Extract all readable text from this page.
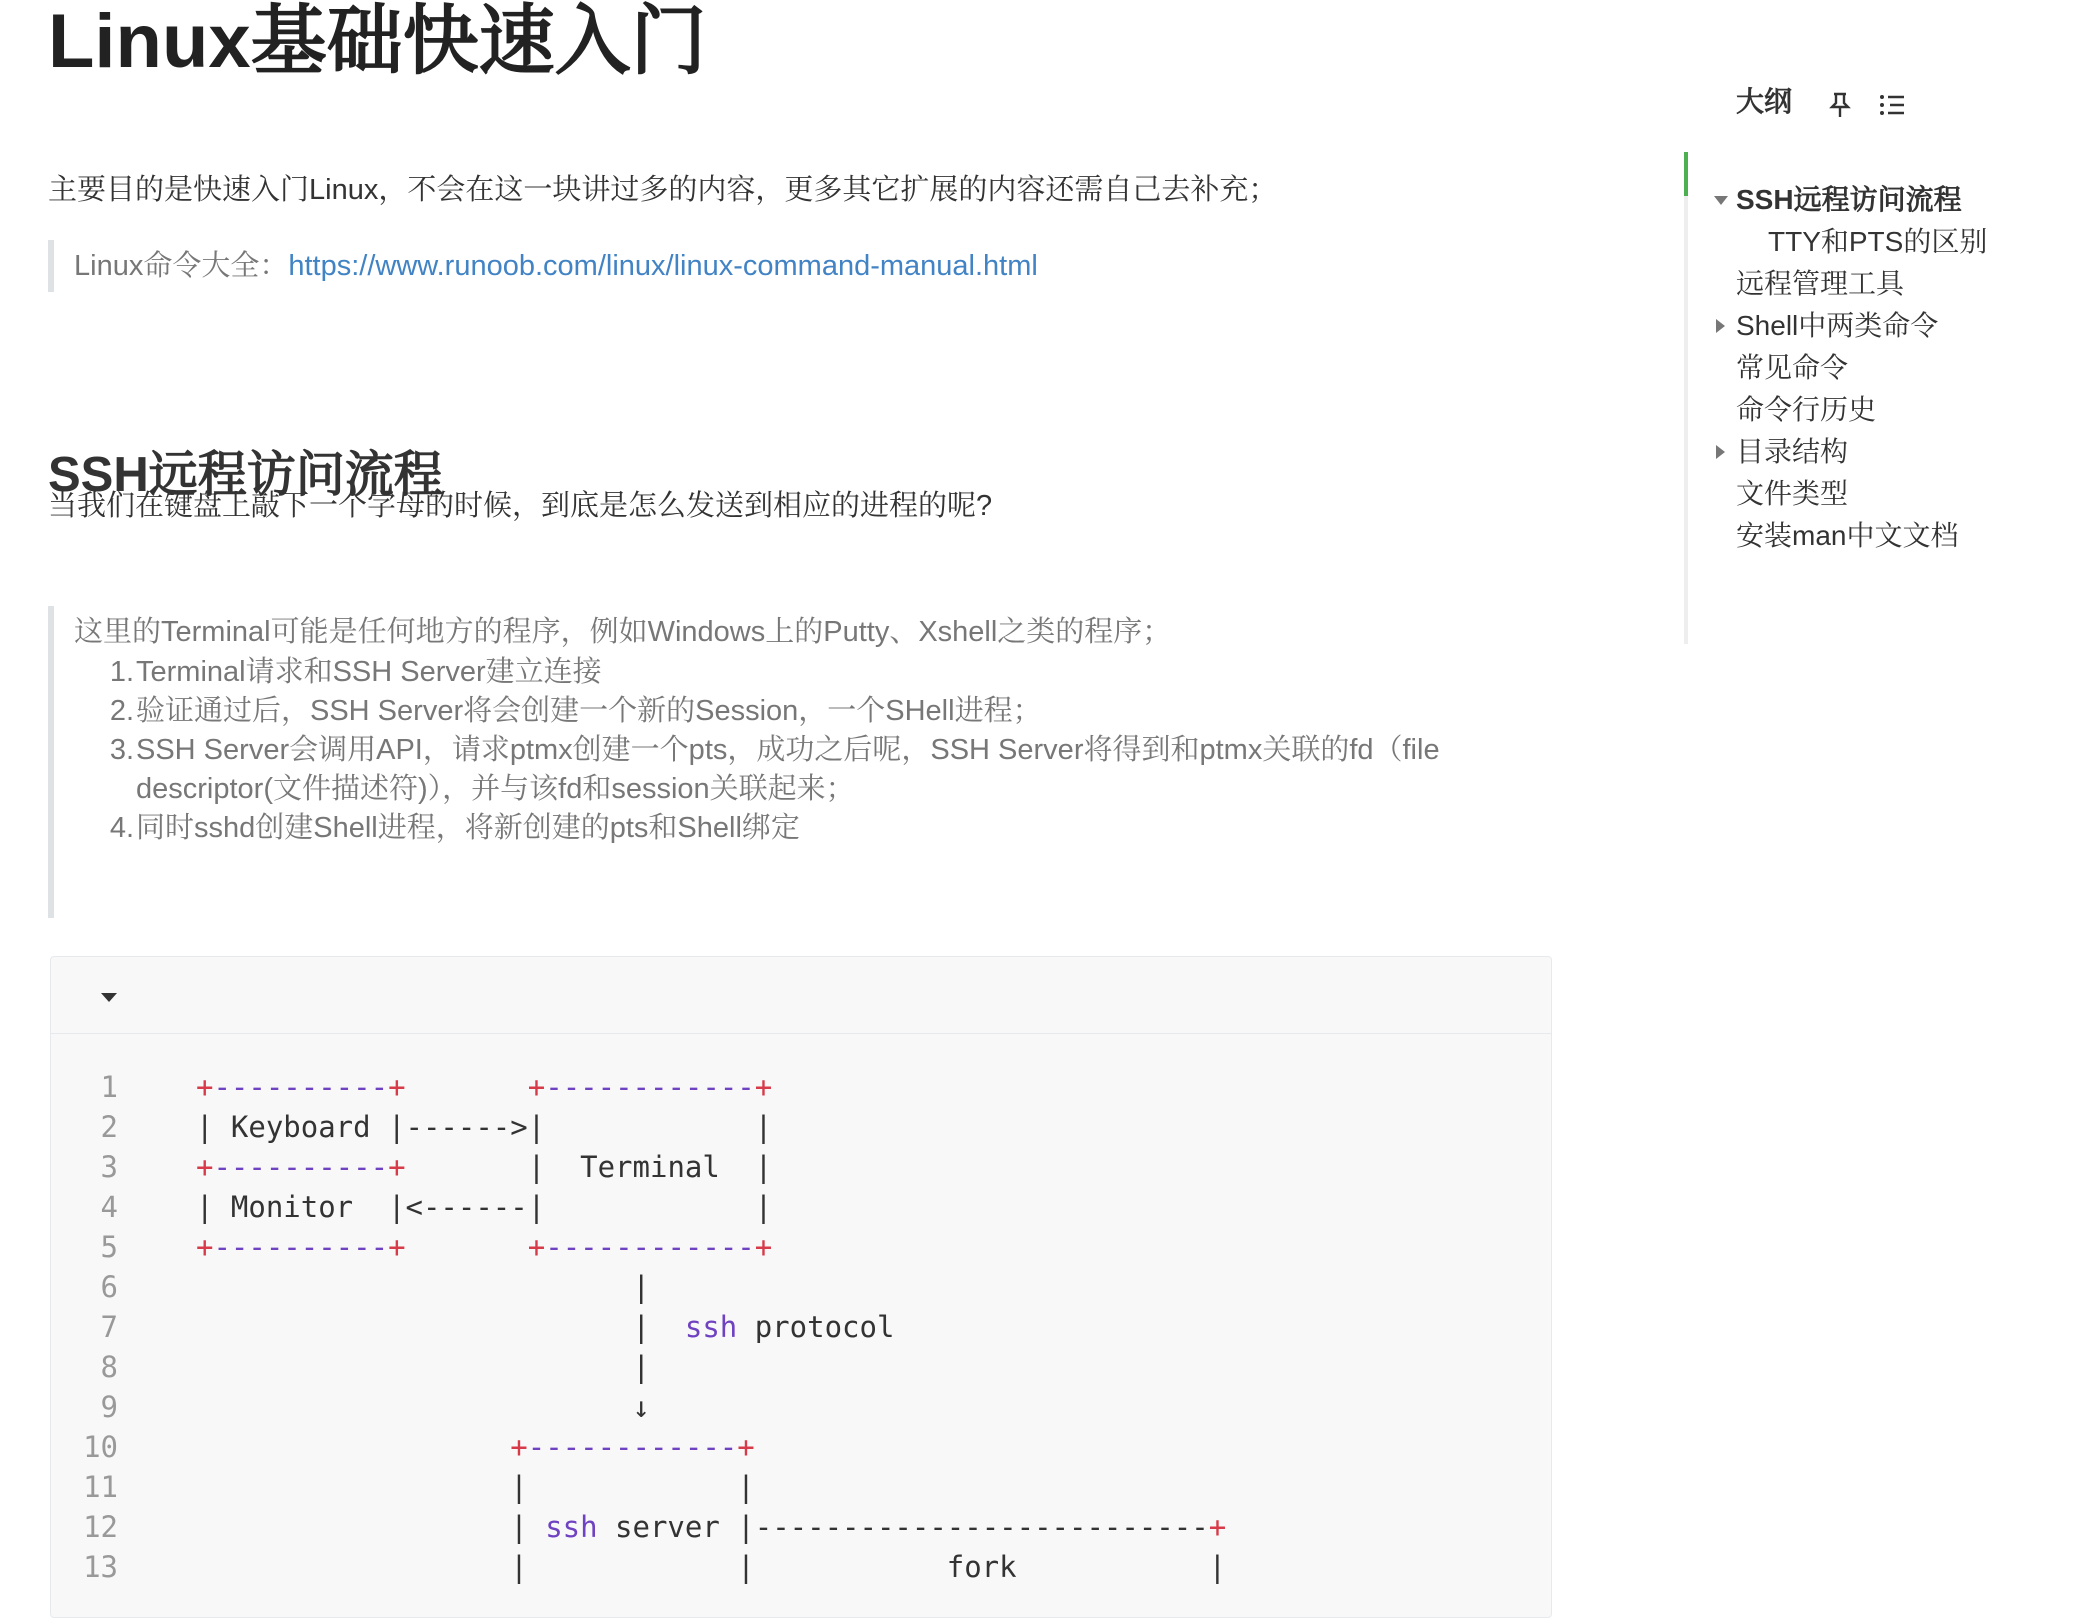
Linux基础快速入门
主要目的是快速入门Linux，不会在这一块讲过多的内容，更多其它扩展的内容还需自己去补充；
Linux命令大全：https://www.runoob.com/linux/linux-command-manual.html
SSH远程访问流程
当我们在键盘上敲下一个字母的时候，到底是怎么发送到相应的进程的呢?
这里的Terminal可能是任何地方的程序，例如Windows上的Putty、Xshell之类的程序；
1. Terminal请求和SSH Server建立连接
2. 验证通过后，SSH Server将会创建一个新的Session，一个SHell进程；
3. SSH Server会调用API，请求ptmx创建一个pts，成功之后呢，SSH Server将得到和ptmx关联的fd（file
descriptor(文件描述符)），并与该fd和session关联起来；
4. 同时sshd创建Shell进程，将新创建的pts和Shell绑定
1	+----------+	+------------+
2	| Keyboard |------>|            |
3	+----------+       |  Terminal  |
4	| Monitor  |<------|            |
5	+----------+	+------------+
6	|
7	|  ssh protocol
8	|
9	↓
10	+------------+
11	|            |
12	| ssh server |--------------------------+
13	|            |           fork           |
大纲
SSH远程访问流程
TTY和PTS的区别
远程管理工具
Shell中两类命令
常见命令
命令行历史
目录结构
文件类型
安装man中文文档
